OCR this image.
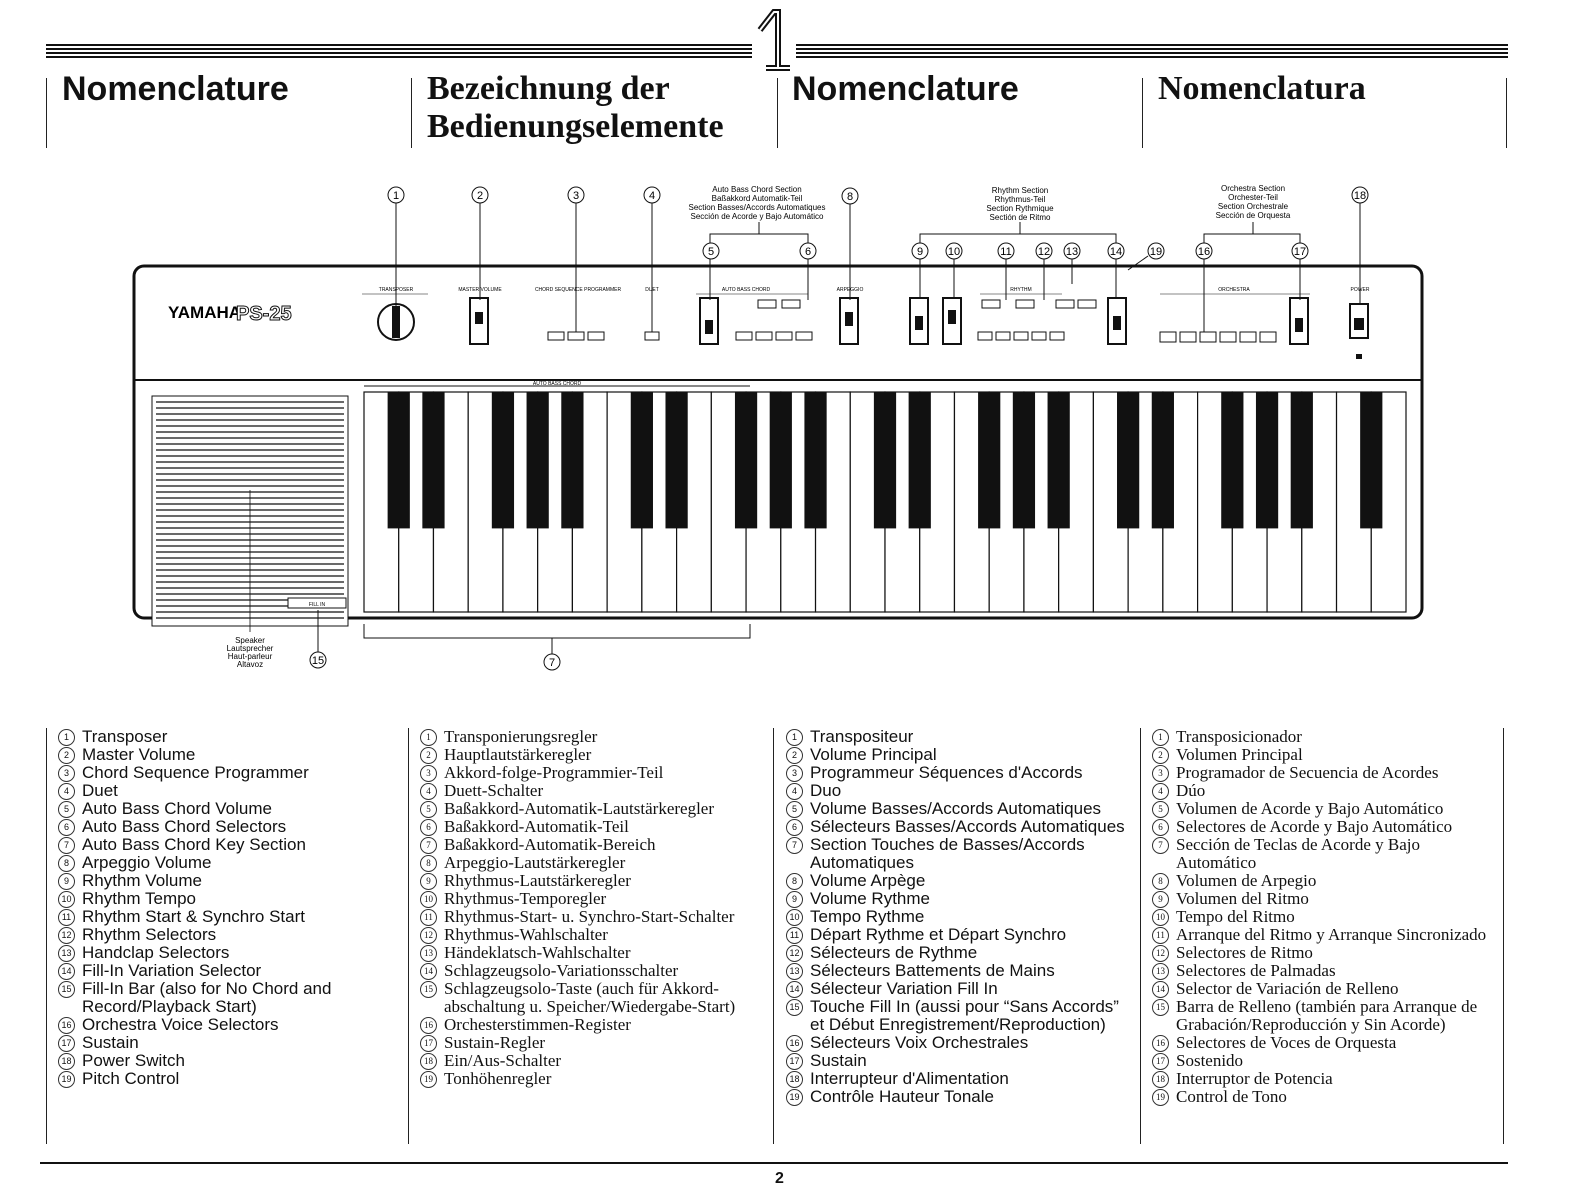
1
Nomenclature	Bezeichnung der Bedienungselemente
Nomenclature	Nomenclatura
YAMAHA
PS-25
FILL IN
AUTO BASS CHORD
TRANSPOSER	MASTER VOLUME	CHORD SEQUENCE PROGRAMMER	DUET	AUTO BASS CHORD	ARPEGGIO	RHYTHM	ORCHESTRA	POWER
Auto Bass Chord Section
Baßakkord Automatik-Teil
Section Basses/Accords Automatiques
Sección de Acorde y Bajo Automático
Rhythm Section
Rhythmus-Teil
Section Rythmique
Sectión de Ritmo
Orchestra Section
Orchester-Teil
Section Orchestrale
Sección de Orquesta
Speaker
Lautsprecher
Haut-parleur
Altavoz
1	2	3	4
5	6
7
8
9 10	11 12 13	14
15
16	17
18
19
1 Transposer
2 Master Volume
3 Chord Sequence Programmer
4 Duet
5 Auto Bass Chord Volume
6 Auto Bass Chord Selectors
7 Auto Bass Chord Key Section
8 Arpeggio Volume
9 Rhythm Volume
10 Rhythm Tempo
11 Rhythm Start & Synchro Start
12 Rhythm Selectors
13 Handclap Selectors
14 Fill-In Variation Selector
15 Fill-In Bar (also for No Chord and Record/Playback Start)
16 Orchestra Voice Selectors
17 Sustain
18 Power Switch
19 Pitch Control
1 Transponierungsregler
2 Hauptlautstärkeregler
3 Akkord-folge-Programmier-Teil
4 Duett-Schalter
5 Baßakkord-Automatik-Lautstärkeregler
6 Baßakkord-Automatik-Teil
7 Baßakkord-Automatik-Bereich
8 Arpeggio-Lautstärkeregler
9 Rhythmus-Lautstärkeregler
10 Rhythmus-Temporegler
11 Rhythmus-Start- u. Synchro-Start-Schalter
12 Rhythmus-Wahlschalter
13 Händeklatsch-Wahlschalter
14 Schlagzeugsolo-Variationsschalter
15 Schlagzeugsolo-Taste (auch für Akkord-abschaltung u. Speicher/Wiedergabe-Start)
16 Orchesterstimmen-Register
17 Sustain-Regler
18 Ein/Aus-Schalter
19 Tonhöhenregler
1 Transpositeur
2 Volume Principal
3 Programmeur Séquences d'Accords
4 Duo
5 Volume Basses/Accords Automatiques
6 Sélecteurs Basses/Accords Automatiques
7 Section Touches de Basses/Accords Automatiques
8 Volume Arpège
9 Volume Rythme
10 Tempo Rythme
11 Départ Rythme et Départ Synchro
12 Sélecteurs de Rythme
13 Sélecteurs Battements de Mains
14 Sélecteur Variation Fill In
15 Touche Fill In (aussi pour “Sans Accords” et Début Enregistrement/Reproduction)
16 Sélecteurs Voix Orchestrales
17 Sustain
18 Interrupteur d'Alimentation
19 Contrôle Hauteur Tonale
1 Transposicionador
2 Volumen Principal
3 Programador de Secuencia de Acordes
4 Dúo
5 Volumen de Acorde y Bajo Automático
6 Selectores de Acorde y Bajo Automático
7 Sección de Teclas de Acorde y Bajo Automático
8 Volumen de Arpegio
9 Volumen del Ritmo
10 Tempo del Ritmo
11 Arranque del Ritmo y Arranque Sincronizado
12 Selectores de Ritmo
13 Selectores de Palmadas
14 Selector de Variación de Relleno
15 Barra de Relleno (también para Arranque de Grabación/Reproducción y Sin Acorde)
16 Selectores de Voces de Orquesta
17 Sostenido
18 Interruptor de Potencia
19 Control de Tono
2
